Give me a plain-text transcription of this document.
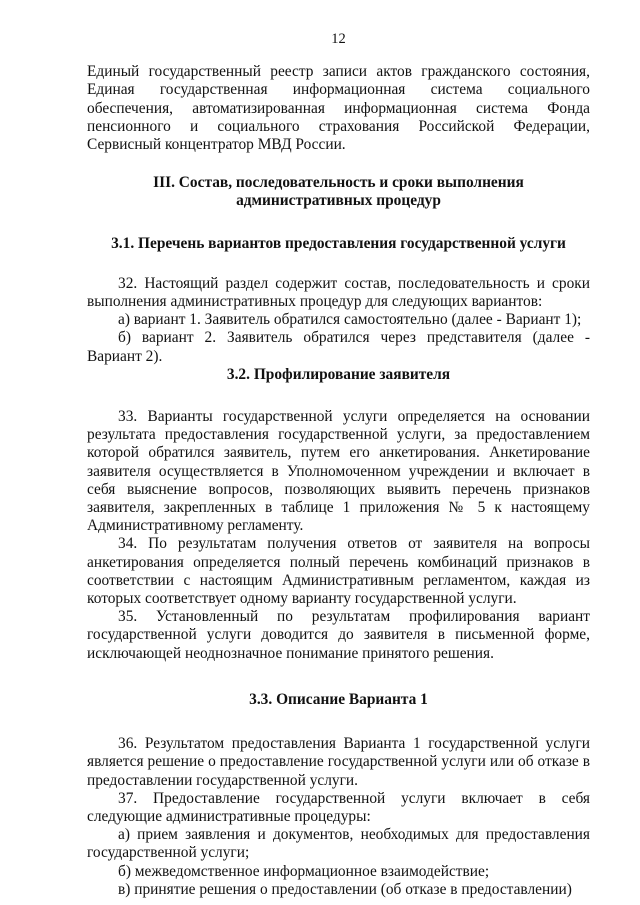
12

Единый государственный реестр записи актов гражданского состояния, Единая государственная информационная система социального обеспечения, автоматизированная информационная система Фонда пенсионного и социального страхования Российской Федерации, Сервисный концентратор МВД России.

III. Состав, последовательность и сроки выполнения административных процедур

3.1. Перечень вариантов предоставления государственной услуги

32. Настоящий раздел содержит состав, последовательность и сроки выполнения административных процедур для следующих вариантов:

а) вариант 1. Заявитель обратился самостоятельно (далее - Вариант 1);

б) вариант 2. Заявитель обратился через представителя (далее - Вариант 2).

3.2. Профилирование заявителя

33. Варианты государственной услуги определяется на основании результата предоставления государственной услуги, за предоставлением которой обратился заявитель, путем его анкетирования. Анкетирование заявителя осуществляется в Уполномоченном учреждении и включает в себя выяснение вопросов, позволяющих выявить перечень признаков заявителя, закрепленных в таблице 1 приложения № 5 к настоящему Административному регламенту.

34. По результатам получения ответов от заявителя на вопросы анкетирования определяется полный перечень комбинаций признаков в соответствии с настоящим Административным регламентом, каждая из которых соответствует одному варианту государственной услуги.

35. Установленный по результатам профилирования вариант государственной услуги доводится до заявителя в письменной форме, исключающей неоднозначное понимание принятого решения.

3.3. Описание Варианта 1

36. Результатом предоставления Варианта 1 государственной услуги является решение о предоставление государственной услуги или об отказе в предоставлении государственной услуги.

37. Предоставление государственной услуги включает в себя следующие административные процедуры:

а) прием заявления и документов, необходимых для предоставления государственной услуги;

б) межведомственное информационное взаимодействие;

в) принятие решения о предоставлении (об отказе в предоставлении)
